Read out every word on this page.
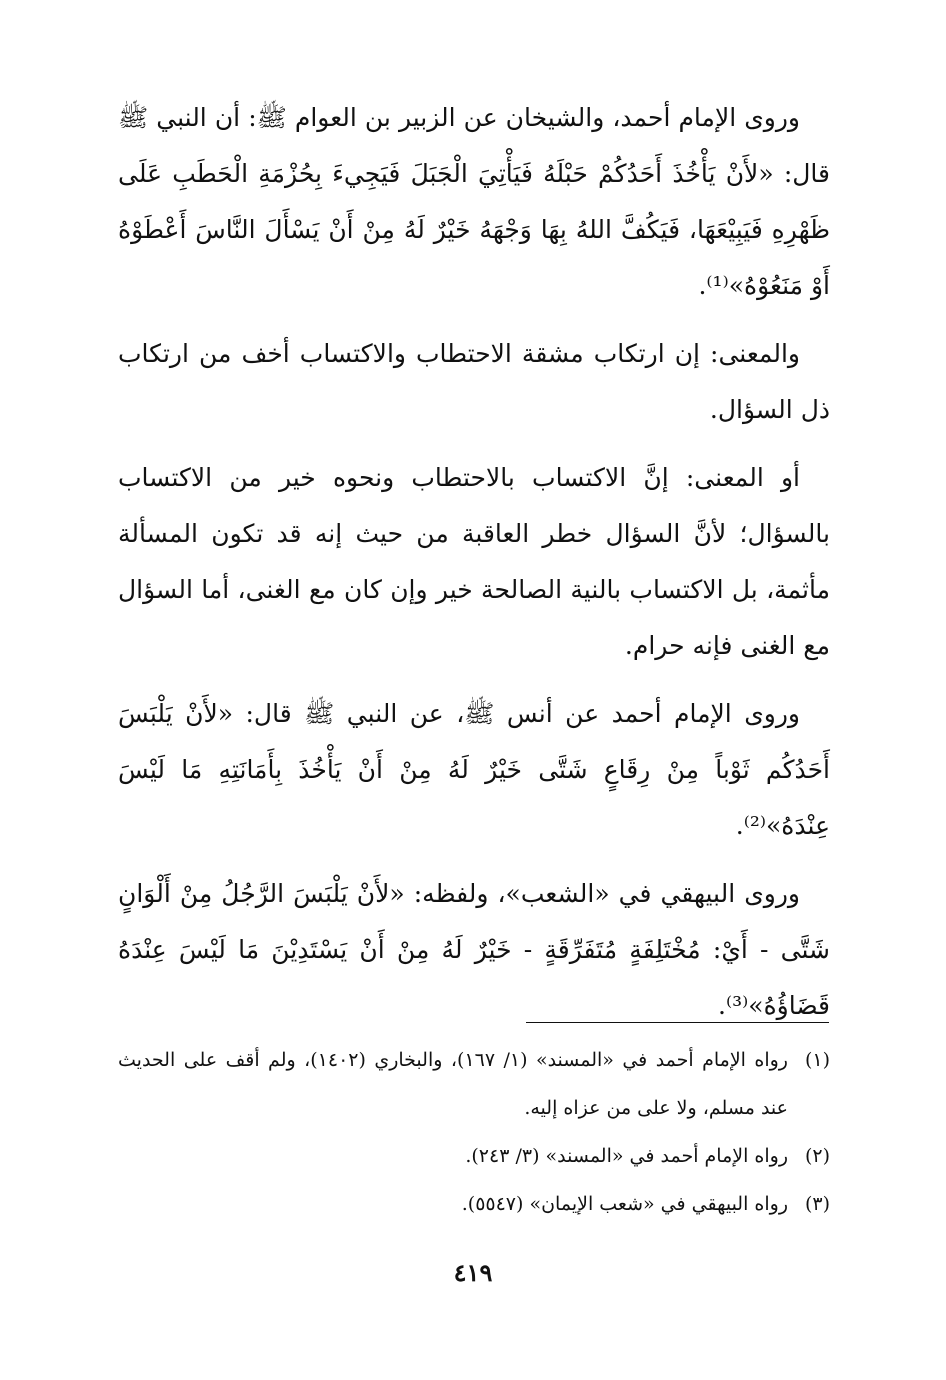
وروى الإمام أحمد، والشيخان عن الزبير بن العوام ﷺ: أن النبي ﷺ قال: «لأَنْ يَأْخُذَ أَحَدُكُمْ حَبْلَهُ فَيَأْتِيَ الْجَبَلَ فَيَجِيءَ بِحُزْمَةِ الْحَطَبِ عَلَى ظَهْرِهِ فَيَبِيْعَهَا، فَيَكُفَّ اللهُ بِهَا وَجْهَهُ خَيْرٌ لَهُ مِنْ أَنْ يَسْأَلَ النَّاسَ أَعْطَوْهُ أَوْ مَنَعُوْهُ»⁽¹⁾.

والمعنى: إن ارتكاب مشقة الاحتطاب والاكتساب أخف من ارتكاب ذل السؤال.

أو المعنى: إنَّ الاكتساب بالاحتطاب ونحوه خير من الاكتساب بالسؤال؛ لأنَّ السؤال خطر العاقبة من حيث إنه قد تكون المسألة مأثمة، بل الاكتساب بالنية الصالحة خير وإن كان مع الغنى، أما السؤال مع الغنى فإنه حرام.

وروى الإمام أحمد عن أنس ﷺ، عن النبي ﷺ قال: «لأَنْ يَلْبَسَ أَحَدُكُم ثَوْباً مِنْ رِقَاعٍ شَتَّى خَيْرٌ لَهُ مِنْ أَنْ يَأْخُذَ بِأَمَانَتِهِ مَا لَيْسَ عِنْدَهُ»⁽²⁾.

وروى البيهقي في «الشعب»، ولفظه: «لأَنْ يَلْبَسَ الرَّجُلُ مِنْ أَلْوَانٍ شَتَّى - أَيْ: مُخْتَلِفَةٍ مُتَفَرِّقَةٍ - خَيْرٌ لَهُ مِنْ أَنْ يَسْتَدِيْنَ مَا لَيْسَ عِنْدَهُ قَضَاؤُهُ»⁽³⁾.

(١)
رواه الإمام أحمد في «المسند» (١/ ١٦٧)، والبخاري (١٤٠٢)، ولم أقف على الحديث عند مسلم، ولا على من عزاه إليه.
(٢)
رواه الإمام أحمد في «المسند» (٣/ ٢٤٣).
(٣)
رواه البيهقي في «شعب الإيمان» (٥٥٤٧).
٤١٩
